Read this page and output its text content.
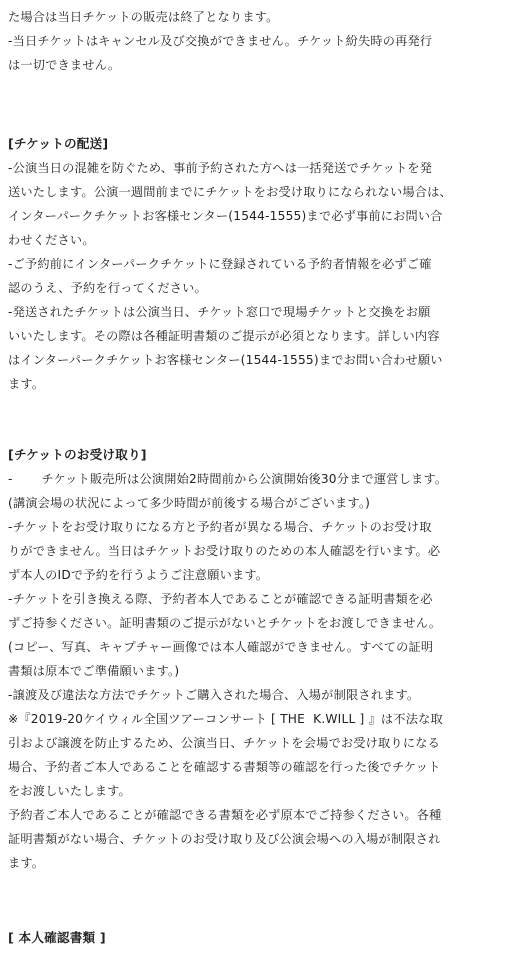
た場合は当日チケットの販売は終了となります。
-当日チケットはキャンセル及び交換ができません。チケット紛失時の再発行
は一切できません。
[チケットの配送]
-公演当日の混雑を防ぐため、事前予約された方へは一括発送でチケットを発
送いたします。公演一週間前までにチケットをお受け取りになられない場合は、
インターパークチケットお客様センター(1544-1555)まで必ず事前にお問い合
わせください。
-ご予約前にインターパークチケットに登録されている予約者情報を必ずご確
認のうえ、予約を行ってください。
-発送されたチケットは公演当日、チケット窓口で現場チケットと交換をお願
いいたします。その際は各種証明書類のご提示が必須となります。詳しい内容
はインターパークチケットお客様センター(1544-1555)までお問い合わせ願い
ます。
[チケットのお受け取り]
-　　 チケット販売所は公演開始2時間前から公演開始後30分まで運営します。
(講演会場の状況によって多少時間が前後する場合がございます。)
-チケットをお受け取りになる方と予約者が異なる場合、チケットのお受け取
りができません。当日はチケットお受け取りのための本人確認を行います。必
ず本人のIDで予約を行うようご注意願います。
-チケットを引き換える際、予約者本人であることが確認できる証明書類を必
ずご持参ください。証明書類のご提示がないとチケットをお渡しできません。
(コピー、写真、キャプチャー画像では本人確認ができません。すべての証明
書類は原本でご準備願います。)
-譲渡及び違法な方法でチケットご購入された場合、入場が制限されます。
※『2019-20ケイウィル全国ツアーコンサート [ THE  K.WILL ] 』は不法な取
引および譲渡を防止するため、公演当日、チケットを会場でお受け取りになる
場合、予約者ご本人であることを確認する書類等の確認を行った後でチケット
をお渡しいたします。
予約者ご本人であることが確認できる書類を必ず原本でご持参ください。各種
証明書類がない場合、チケットのお受け取り及び公演会場への入場が制限され
ます。
[ 本人確認書類 ]
